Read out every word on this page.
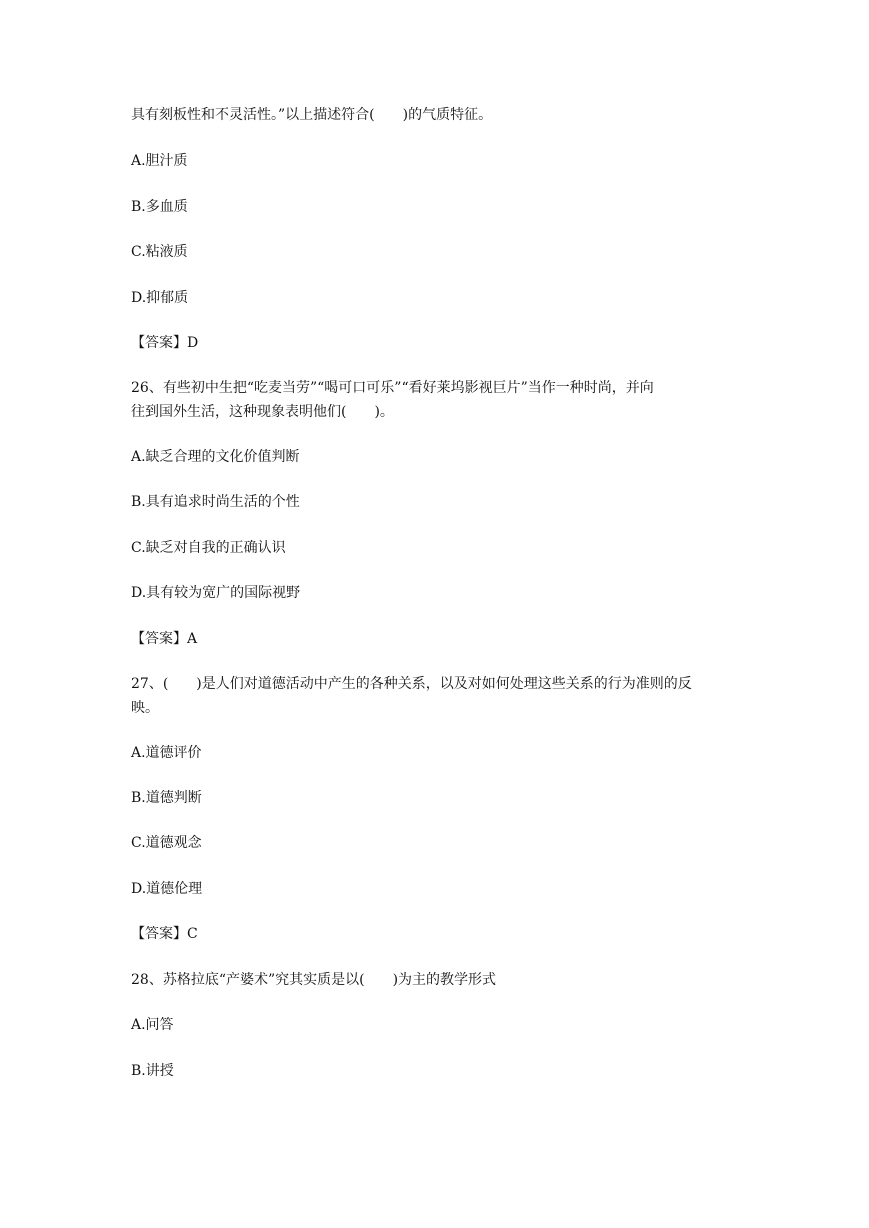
具有刻板性和不灵活性。”以上描述符合(　　)的气质特征。

A.胆汁质

B.多血质

C.粘液质

D.抑郁质

【答案】D

26、有些初中生把“吃麦当劳”“喝可口可乐”“看好莱坞影视巨片”当作一种时尚，并向

往到国外生活，这种现象表明他们(　　)。

A.缺乏合理的文化价值判断

B.具有追求时尚生活的个性

C.缺乏对自我的正确认识

D.具有较为宽广的国际视野

【答案】A

27、(　　)是人们对道德活动中产生的各种关系，以及对如何处理这些关系的行为准则的反

映。

A.道德评价

B.道德判断

C.道德观念

D.道德伦理

【答案】C

28、苏格拉底“产婆术”究其实质是以(　　)为主的教学形式

A.问答

B.讲授
